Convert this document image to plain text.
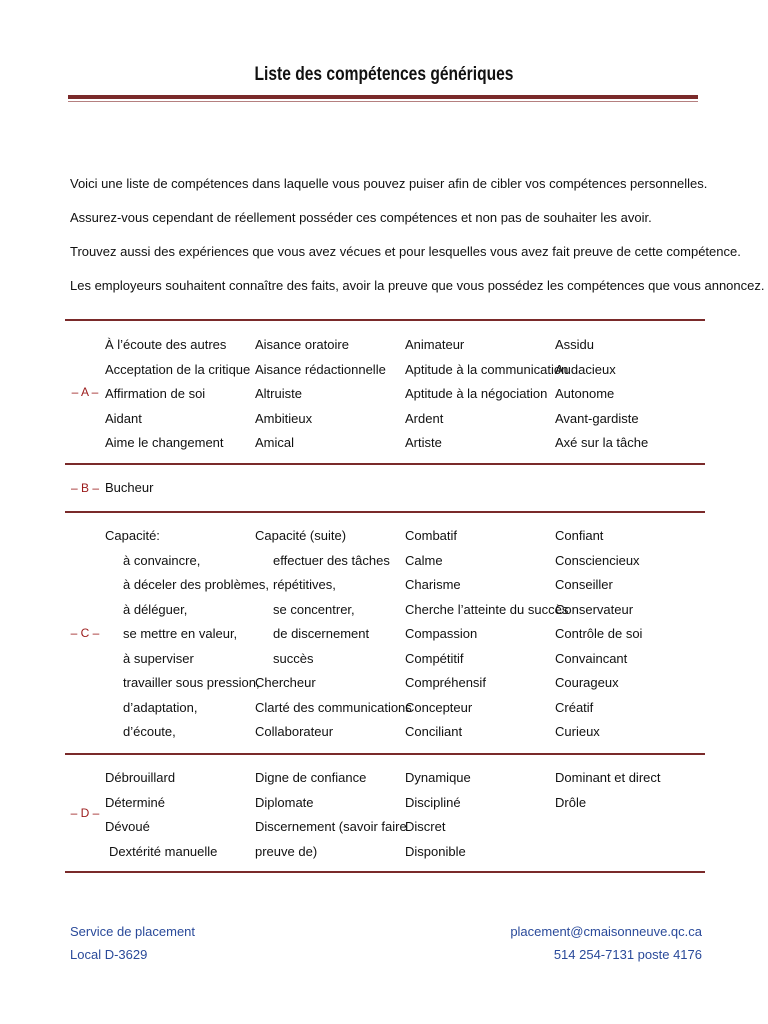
Liste des compétences génériques

Voici une liste de compétences dans laquelle vous pouvez puiser afin de cibler vos compétences personnelles.

Assurez-vous cependant de réellement posséder ces compétences et non pas de souhaiter les avoir.

Trouvez aussi des expériences que vous avez vécues et pour lesquelles vous avez fait preuve de cette compétence.

Les employeurs souhaitent connaître des faits, avoir la preuve que vous possédez les compétences que vous annoncez.

– A –
À l’écoute des autres
Acceptation de la critique
Affirmation de soi
Aidant
Aime le changement
Aisance oratoire
Aisance rédactionnelle
Altruiste
Ambitieux
Amical
Animateur
Aptitude à la communication
Aptitude à la négociation
Ardent
Artiste
Assidu
Audacieux
Autonome
Avant-gardiste
Axé sur la tâche
– B – Bucheur
– C –
Capacité:
à convaincre,
à déceler des problèmes,
à déléguer,
se mettre en valeur,
à superviser
travailler sous pression,
d’adaptation,
d’écoute,
Capacité (suite)
effectuer des tâches
répétitives,
se concentrer,
de discernement
succès
Chercheur
Clarté des communications
Collaborateur
Combatif
Calme
Charisme
Cherche l’atteinte du succès
Compassion
Compétitif
Compréhensif
Concepteur
Conciliant
Confiant
Consciencieux
Conseiller
Conservateur
Contrôle de soi
Convaincant
Courageux
Créatif
Curieux
– D –
Débrouillard
Déterminé
Dévoué
Dextérité manuelle
Digne de confiance
Diplomate
Discernement (savoir faire
preuve de)
Dynamique
Discipliné
Discret
Disponible
Dominant et direct
Drôle
Service de placement
Local D-3629
placement@cmaisonneuve.qc.ca
514 254-7131 poste 4176
